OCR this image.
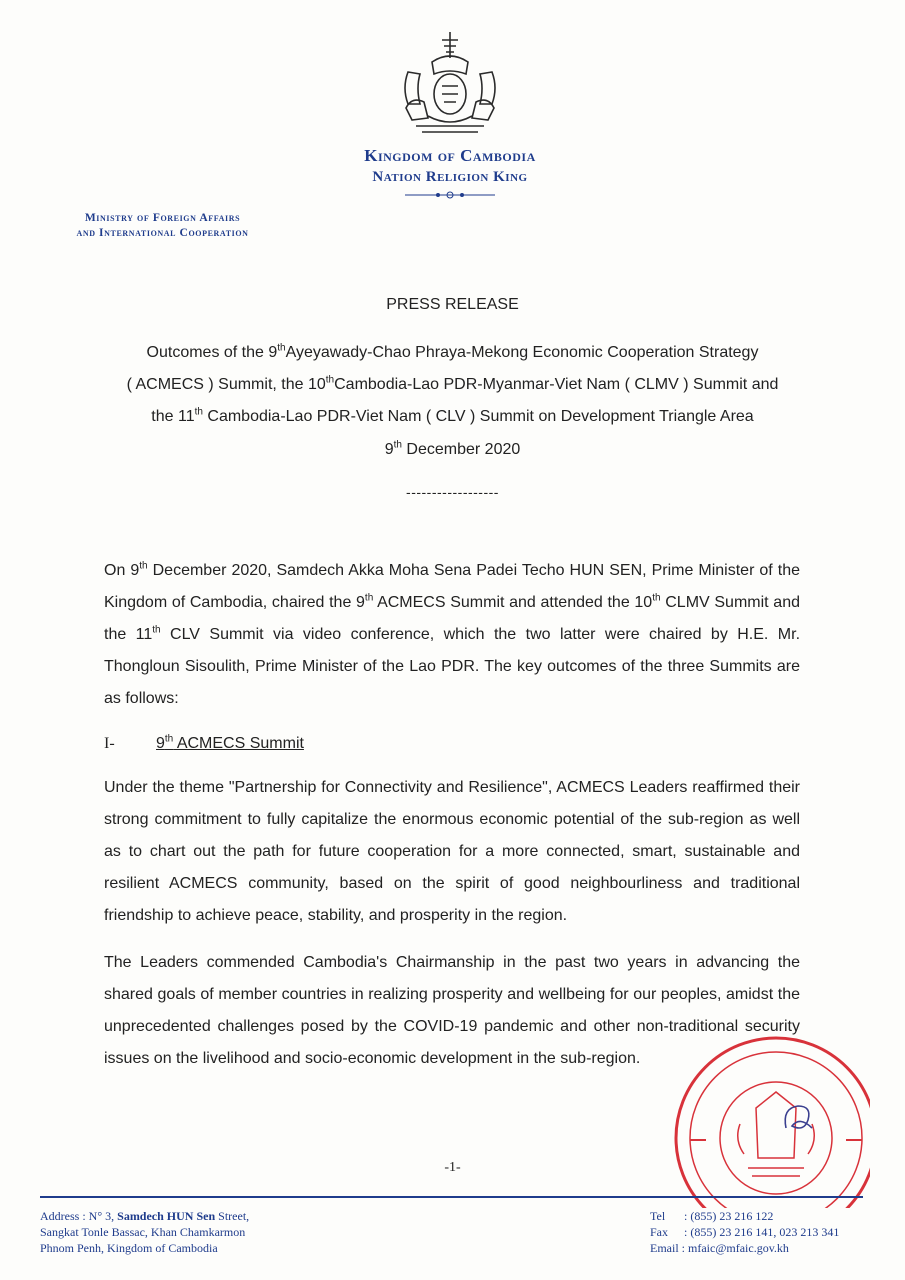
Kingdom of Cambodia
Nation Religion King
Ministry of Foreign Affairs
and International Cooperation
PRESS RELEASE
Outcomes of the 9thAyeyawady-Chao Phraya-Mekong Economic Cooperation Strategy
( ACMECS ) Summit, the 10thCambodia-Lao PDR-Myanmar-Viet Nam ( CLMV ) Summit and
the 11th Cambodia-Lao PDR-Viet Nam ( CLV ) Summit on Development Triangle Area
9th December 2020
------------------
On 9th December 2020, Samdech Akka Moha Sena Padei Techo HUN SEN, Prime Minister of the Kingdom of Cambodia, chaired the 9th ACMECS Summit and attended the 10th CLMV Summit and the 11th CLV Summit via video conference, which the two latter were chaired by H.E. Mr. Thongloun Sisoulith, Prime Minister of the Lao PDR. The key outcomes of the three Summits are as follows:
I-	9th ACMECS Summit
Under the theme "Partnership for Connectivity and Resilience", ACMECS Leaders reaffirmed their strong commitment to fully capitalize the enormous economic potential of the sub-region as well as to chart out the path for future cooperation for a more connected, smart, sustainable and resilient ACMECS community, based on the spirit of good neighbourliness and traditional friendship to achieve peace, stability, and prosperity in the region.
The Leaders commended Cambodia's Chairmanship in the past two years in advancing the shared goals of member countries in realizing prosperity and wellbeing for our peoples, amidst the unprecedented challenges posed by the COVID-19 pandemic and other non-traditional security issues on the livelihood and socio-economic development in the sub-region.
-1-
Address : N° 3, Samdech HUN Sen Street,
Sangkat Tonle Bassac, Khan Chamkarmon
Phnom Penh, Kingdom of Cambodia
Tel : (855) 23 216 122
Fax : (855) 23 216 141, 023 213 341
Email : mfaic@mfaic.gov.kh
